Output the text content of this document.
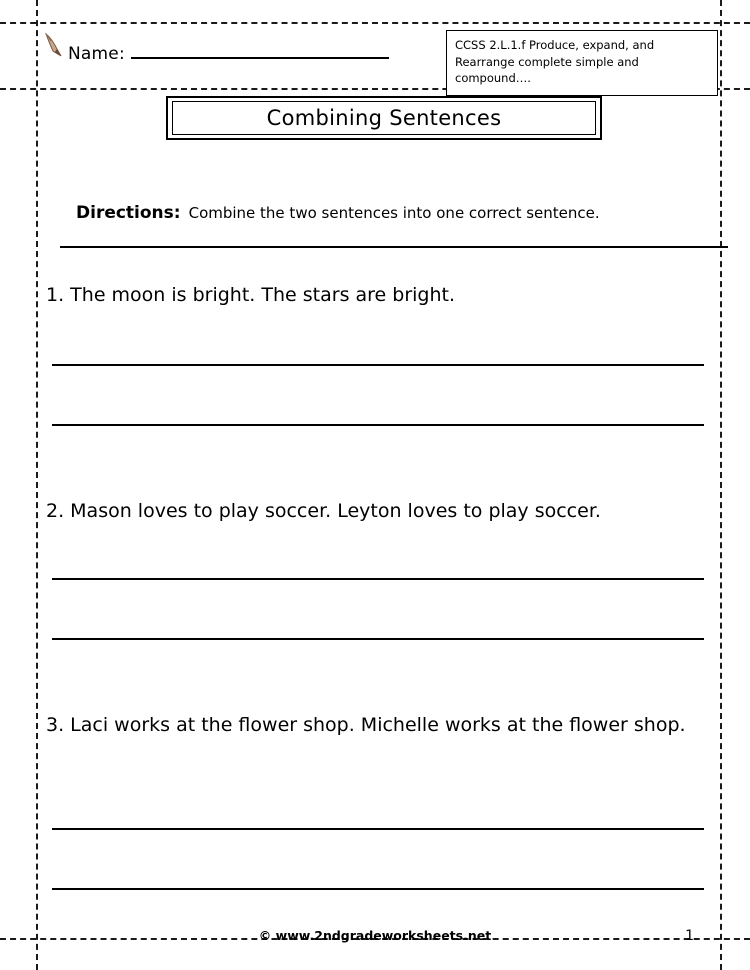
Name:	CCSS 2.L.1.f Produce, expand, and Rearrange complete simple and compound….
Combining Sentences
Directions: Combine the two sentences into one correct sentence.
1. The moon is bright. The stars are bright.
2. Mason loves to play soccer. Leyton loves to play soccer.
3. Laci works at the flower shop. Michelle works at the flower shop.
© www.2ndgradeworksheets.net	1
